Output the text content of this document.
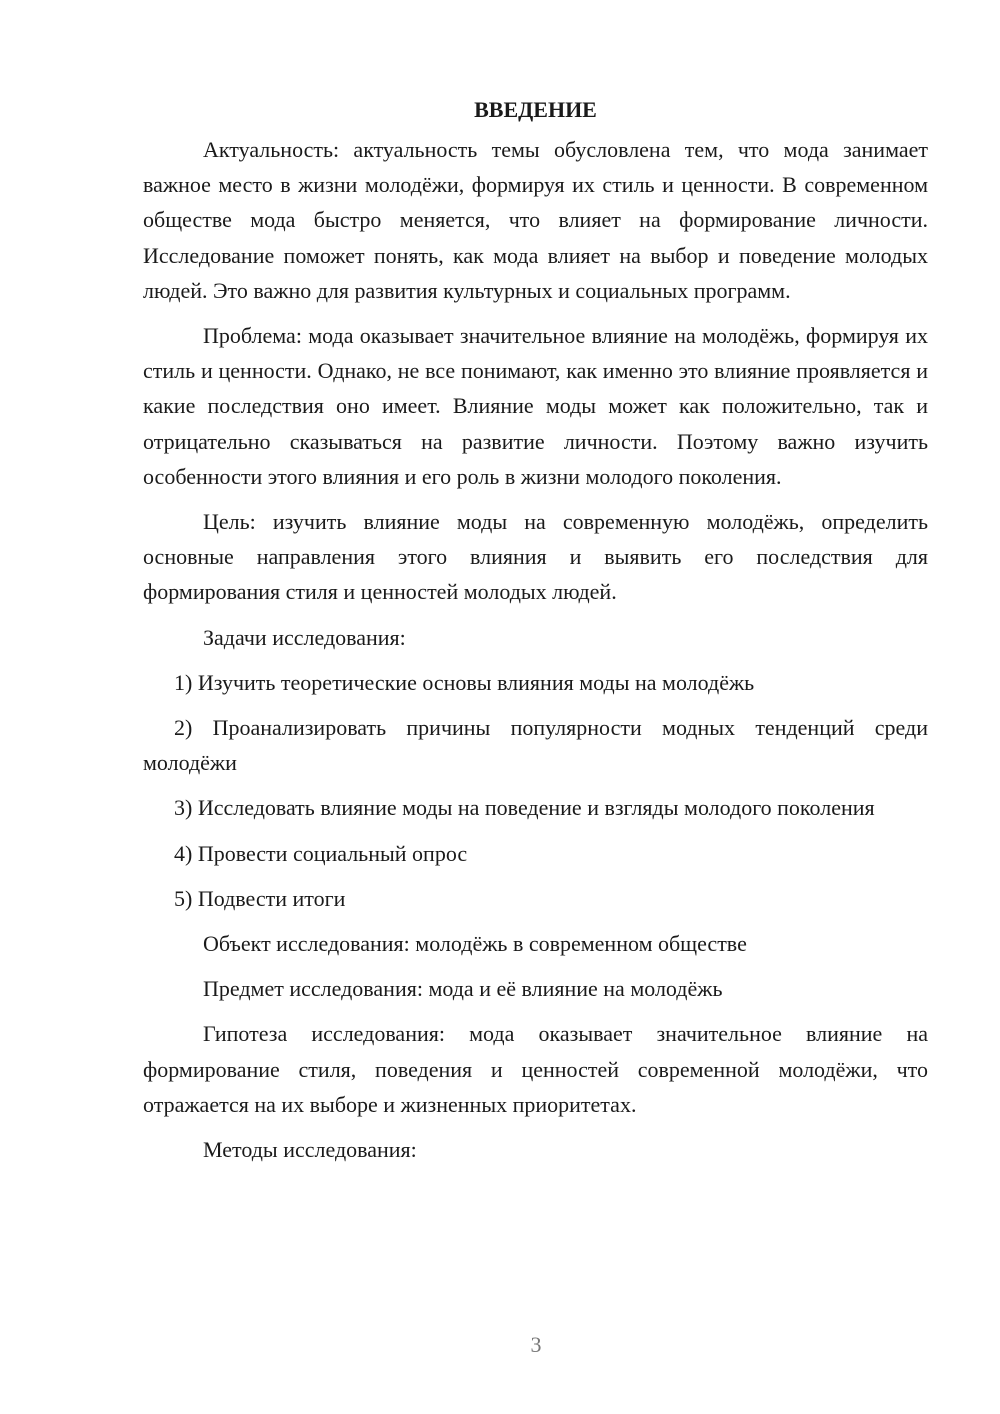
ВВЕДЕНИЕ

Актуальность: актуальность темы обусловлена тем, что мода занимает важное место в жизни молодёжи, формируя их стиль и ценности. В современном обществе мода быстро меняется, что влияет на формирование личности. Исследование поможет понять, как мода влияет на выбор и поведение молодых людей. Это важно для развития культурных и социальных программ.

Проблема: мода оказывает значительное влияние на молодёжь, формируя их стиль и ценности. Однако, не все понимают, как именно это влияние проявляется и какие последствия оно имеет. Влияние моды может как положительно, так и отрицательно сказываться на развитие личности. Поэтому важно изучить особенности этого влияния и его роль в жизни молодого поколения.

Цель: изучить влияние моды на современную молодёжь, определить основные направления этого влияния и выявить его последствия для формирования стиля и ценностей молодых людей.

Задачи исследования:

1) Изучить теоретические основы влияния моды на молодёжь

2) Проанализировать причины популярности модных тенденций среди молодёжи

3) Исследовать влияние моды на поведение и взгляды молодого поколения

4) Провести социальный опрос

5) Подвести итоги

Объект исследования: молодёжь в современном обществе

Предмет исследования: мода и её влияние на молодёжь

Гипотеза исследования: мода оказывает значительное влияние на формирование стиля, поведения и ценностей современной молодёжи, что отражается на их выборе и жизненных приоритетах.

Методы исследования:

3
